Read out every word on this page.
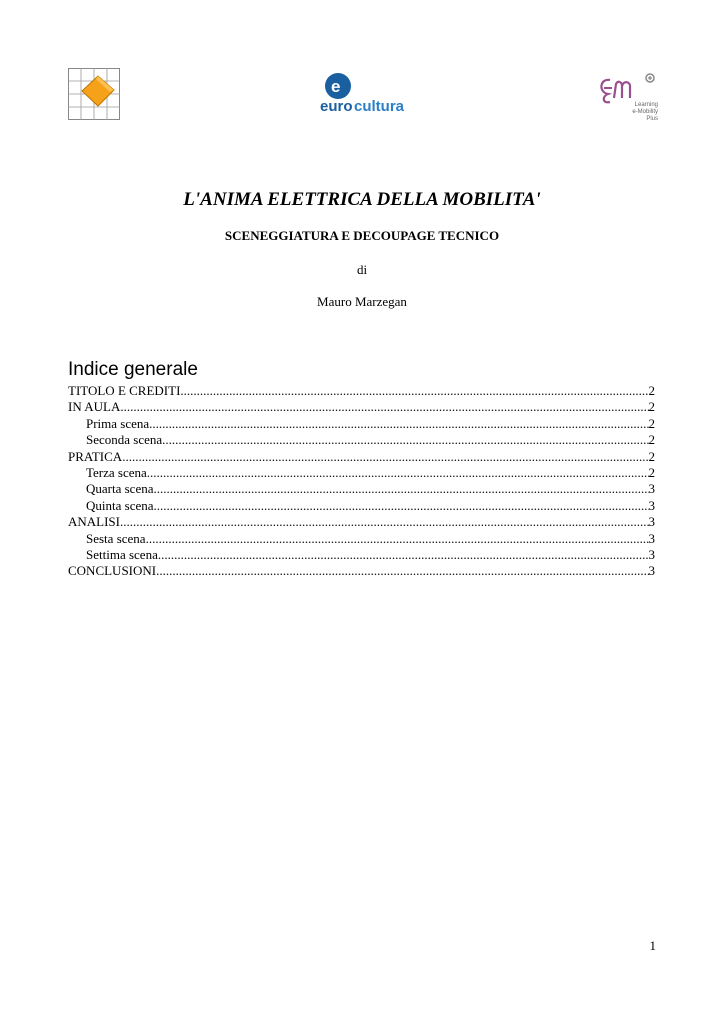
e
euro cultura	Learning
e-Mobility
Plus
L'ANIMA ELETTRICA DELLA MOBILITA'
SCENEGGIATURA E DECOUPAGE TECNICO
di
Mauro Marzegan
Indice generale
TITOLO E CREDITI .....	2
IN AULA .....	2
Prima scena .....	2
Seconda scena .....	2
PRATICA .....	2
Terza scena .....	2
Quarta scena .....	3
Quinta scena .....	3
ANALISI .....	3
Sesta scena .....	3
Settima scena .....	3
CONCLUSIONI .....	3
1
